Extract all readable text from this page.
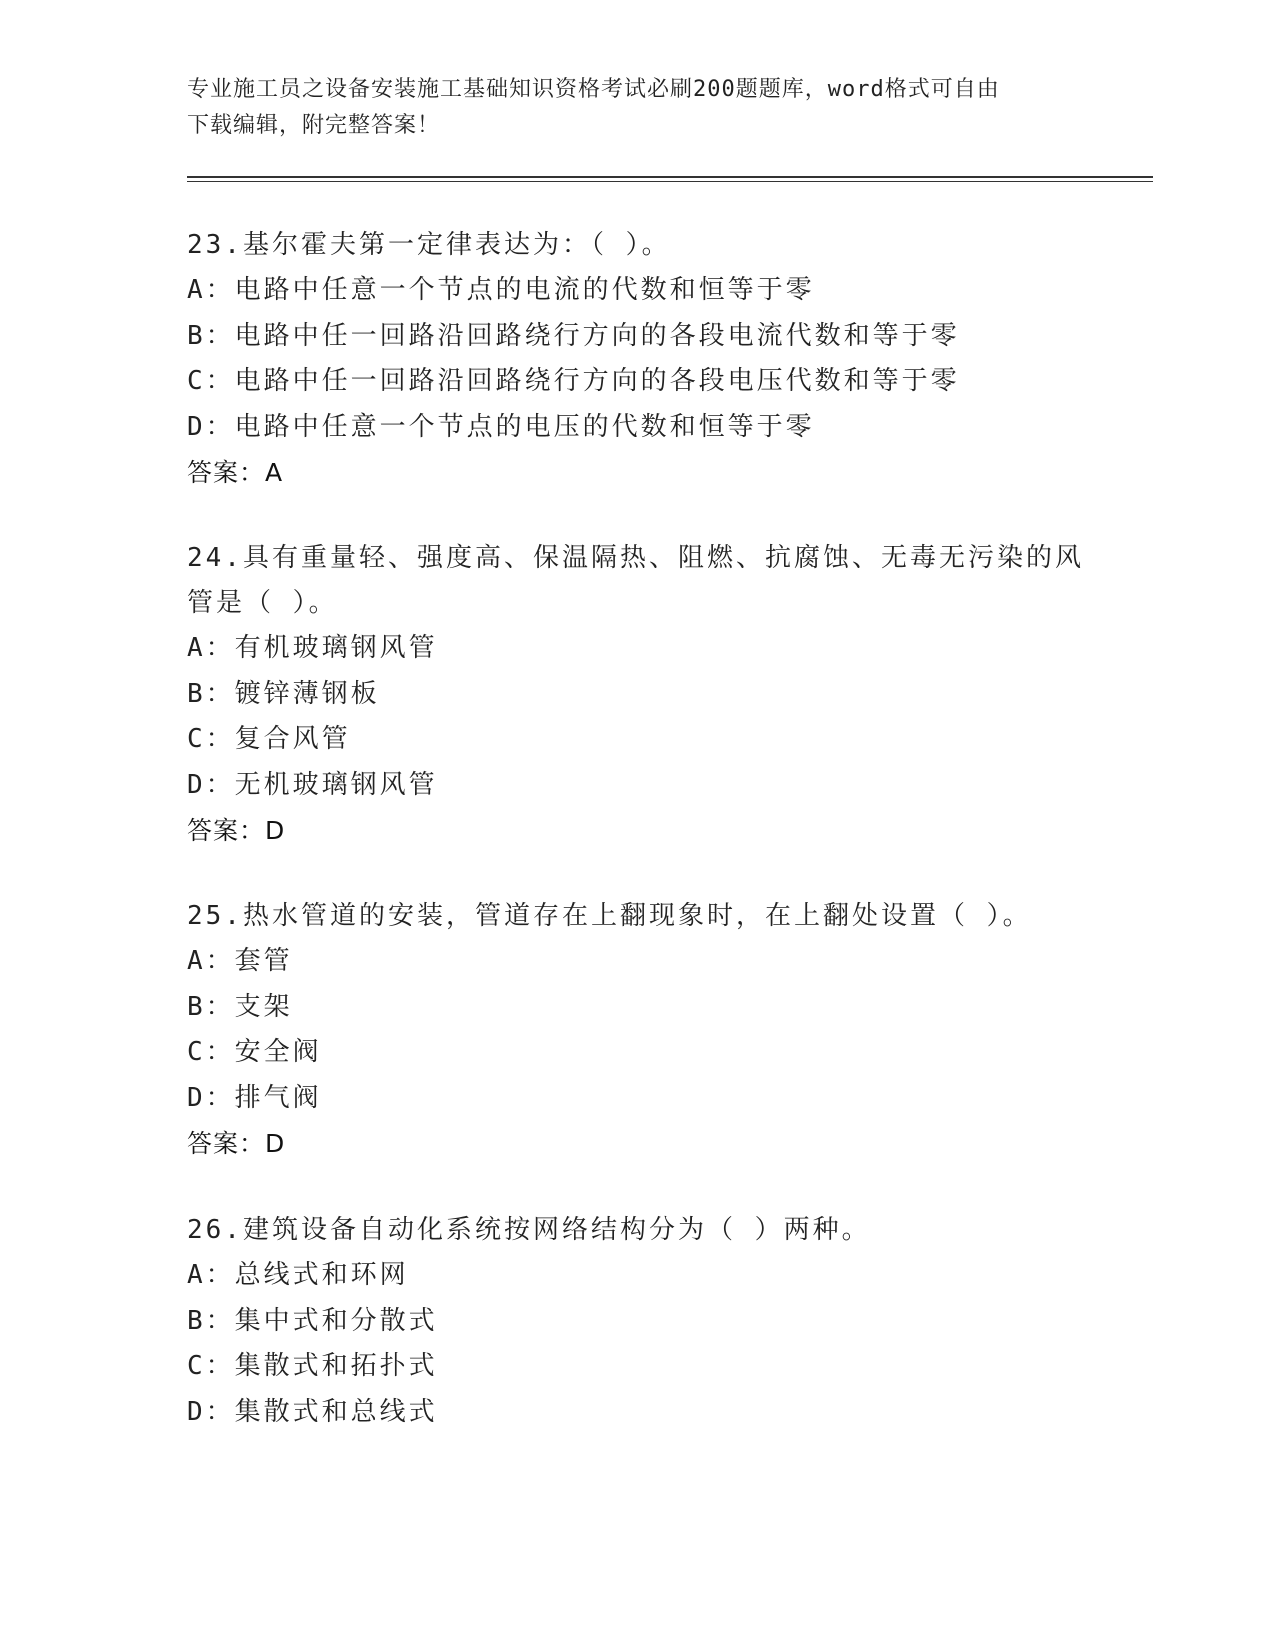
专业施工员之设备安装施工基础知识资格考试必刷200题题库，word格式可自由
下载编辑，附完整答案！

23.基尔霍夫第一定律表达为：（ ）。

A：电路中任意一个节点的电流的代数和恒等于零

B：电路中任一回路沿回路绕行方向的各段电流代数和等于零

C：电路中任一回路沿回路绕行方向的各段电压代数和等于零

D：电路中任意一个节点的电压的代数和恒等于零

答案：A

24.具有重量轻、强度高、保温隔热、阻燃、抗腐蚀、无毒无污染的风

管是（ ）。

A：有机玻璃钢风管

B：镀锌薄钢板

C：复合风管

D：无机玻璃钢风管

答案：D

25.热水管道的安装，管道存在上翻现象时，在上翻处设置（ ）。

A：套管

B：支架

C：安全阀

D：排气阀

答案：D

26.建筑设备自动化系统按网络结构分为（ ）两种。

A：总线式和环网

B：集中式和分散式

C：集散式和拓扑式

D：集散式和总线式
